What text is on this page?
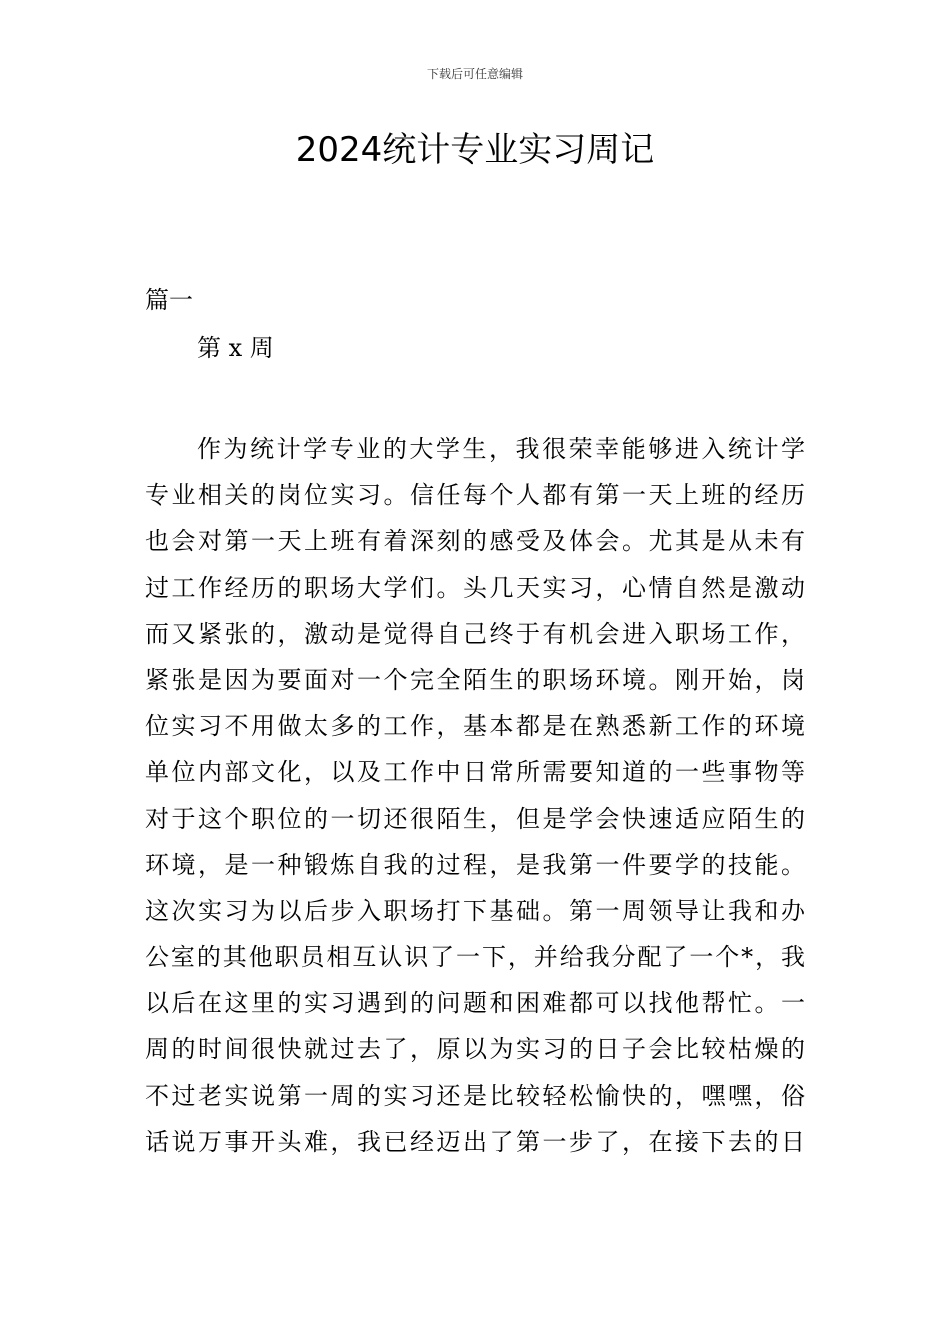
下载后可任意编辑
2024统计专业实习周记
篇一
第 x 周
作为统计学专业的大学生，我很荣幸能够进入统计学
专业相关的岗位实习。信任每个人都有第一天上班的经历
也会对第一天上班有着深刻的感受及体会。尤其是从未有
过工作经历的职场大学们。头几天实习，心情自然是激动
而又紧张的，激动是觉得自己终于有机会进入职场工作，
紧张是因为要面对一个完全陌生的职场环境。刚开始，岗
位实习不用做太多的工作，基本都是在熟悉新工作的环境
单位内部文化，以及工作中日常所需要知道的一些事物等
对于这个职位的一切还很陌生，但是学会快速适应陌生的
环境，是一种锻炼自我的过程，是我第一件要学的技能。
这次实习为以后步入职场打下基础。第一周领导让我和办
公室的其他职员相互认识了一下，并给我分配了一个*，我
以后在这里的实习遇到的问题和困难都可以找他帮忙。一
周的时间很快就过去了，原以为实习的日子会比较枯燥的
不过老实说第一周的实习还是比较轻松愉快的，嘿嘿，俗
话说万事开头难，我已经迈出了第一步了，在接下去的日
